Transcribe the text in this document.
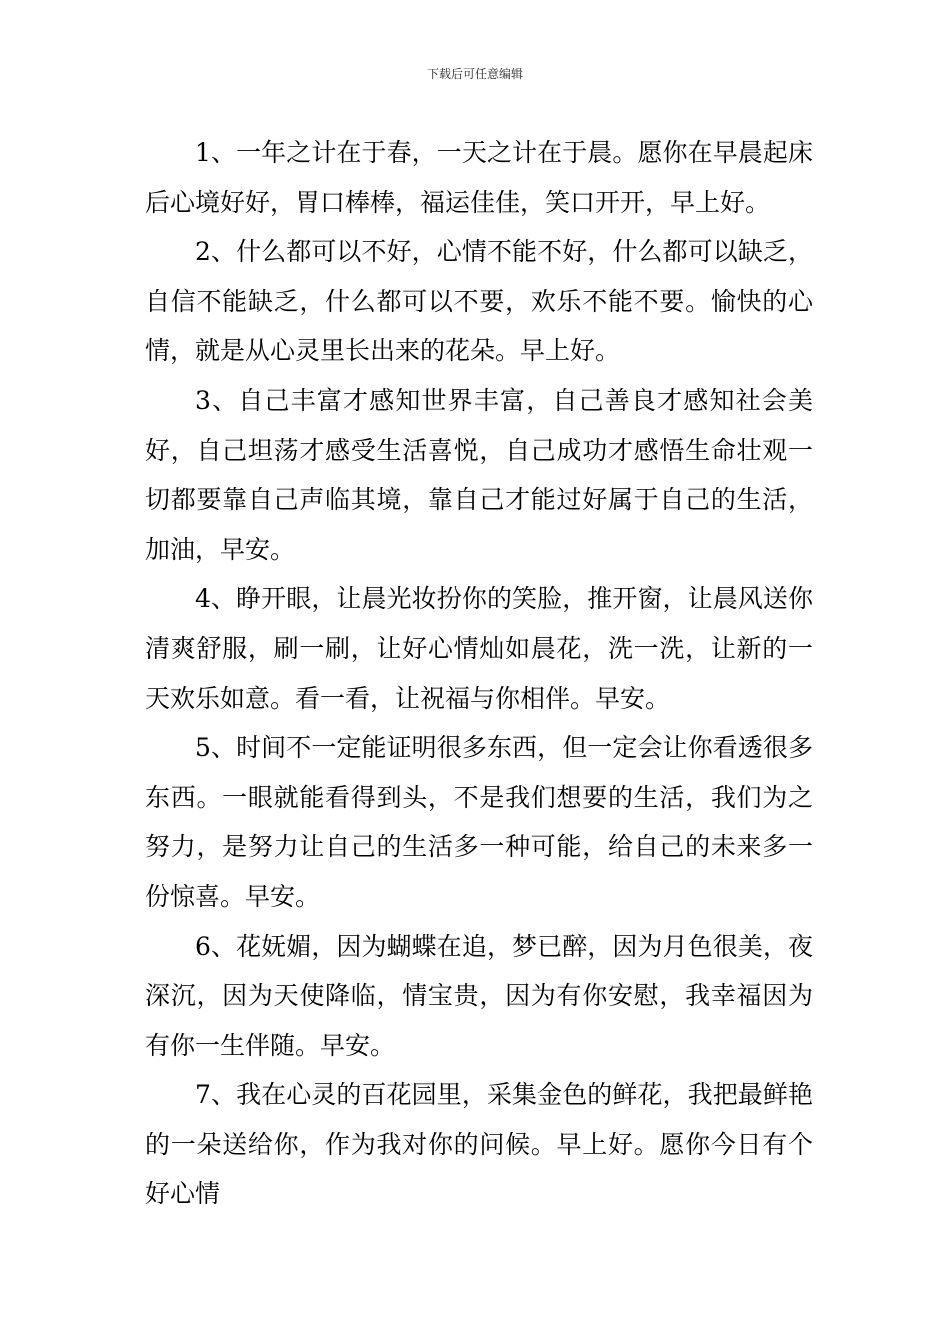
下载后可任意编辑

1、一年之计在于春，一天之计在于晨。愿你在早晨起床后心境好好，胃口棒棒，福运佳佳，笑口开开，早上好。

2、什么都可以不好，心情不能不好，什么都可以缺乏，自信不能缺乏，什么都可以不要，欢乐不能不要。愉快的心情，就是从心灵里长出来的花朵。早上好。

3、自己丰富才感知世界丰富，自己善良才感知社会美好，自己坦荡才感受生活喜悦，自己成功才感悟生命壮观一切都要靠自己声临其境，靠自己才能过好属于自己的生活，加油，早安。

4、睁开眼，让晨光妆扮你的笑脸，推开窗，让晨风送你清爽舒服，刷一刷，让好心情灿如晨花，洗一洗，让新的一天欢乐如意。看一看，让祝福与你相伴。早安。

5、时间不一定能证明很多东西，但一定会让你看透很多东西。一眼就能看得到头，不是我们想要的生活，我们为之努力，是努力让自己的生活多一种可能，给自己的未来多一份惊喜。早安。

6、花妩媚，因为蝴蝶在追，梦已醉，因为月色很美，夜深沉，因为天使降临，情宝贵，因为有你安慰，我幸福因为有你一生伴随。早安。

7、我在心灵的百花园里，采集金色的鲜花，我把最鲜艳的一朵送给你，作为我对你的问候。早上好。愿你今日有个好心情
